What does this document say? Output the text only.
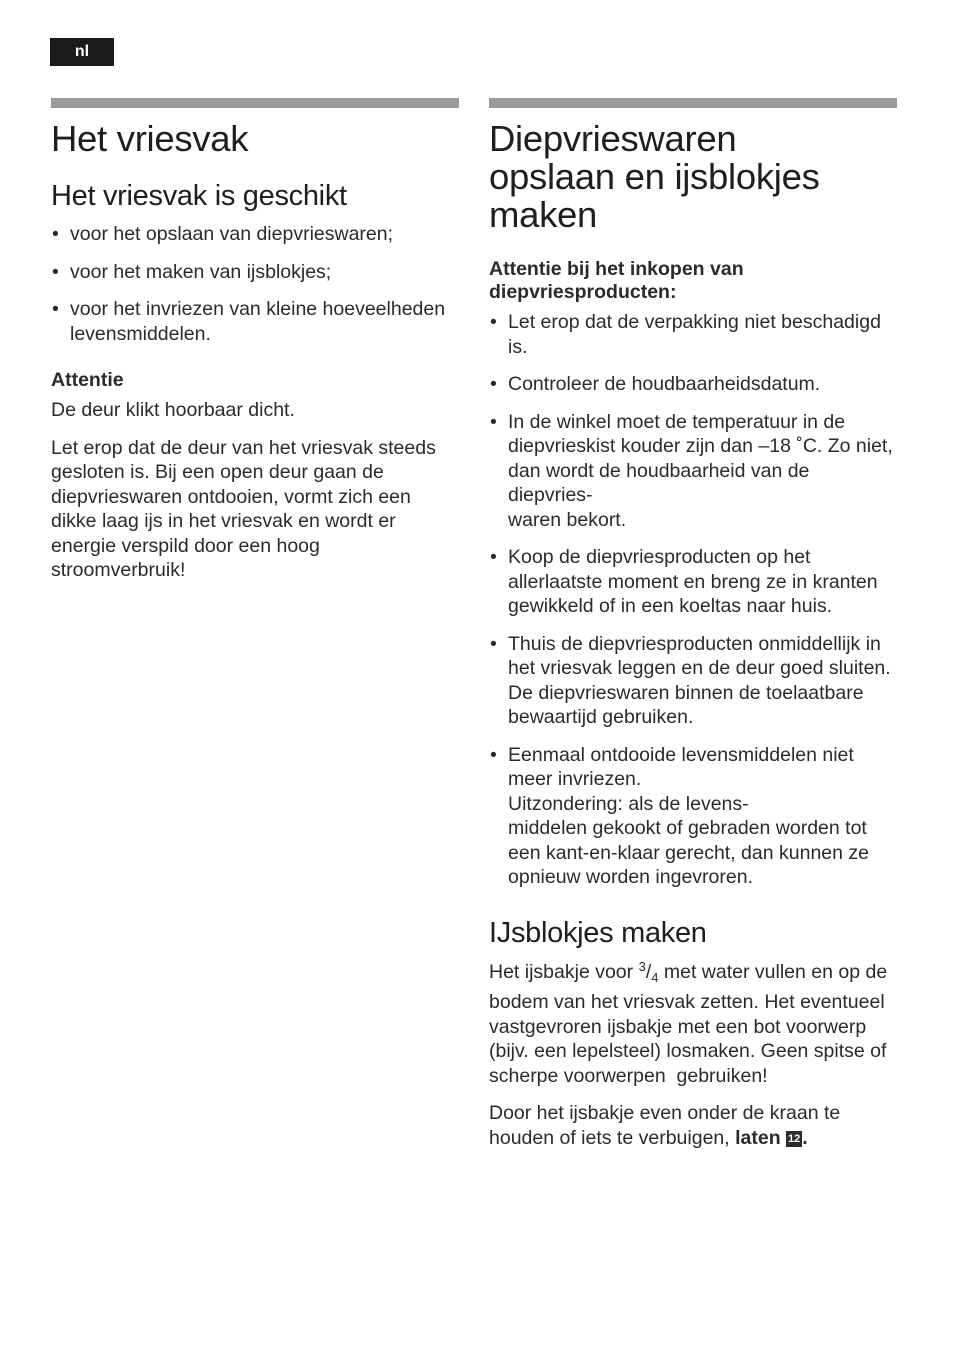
nl
Het vriesvak
Het vriesvak is geschikt
• voor het opslaan van diepvrieswaren;
• voor het maken van ijsblokjes;
• voor het invriezen van kleine hoeveelheden   levensmiddelen.

Attentie

De deur klikt hoorbaar dicht.

Let erop dat de deur van het vriesvak steeds gesloten is. Bij een open deur gaan de diepvrieswaren ontdooien, vormt zich een dikke laag ijs in het vriesvak en wordt er energie verspild door een hoog stroomverbruik!

Diepvrieswaren
opslaan en ijsblokjes
maken

Attentie bij het inkopen van diepvriesproducten:

• Let erop dat de verpakking niet beschadigd is.
• Controleer de houdbaarheidsdatum.
• In de winkel moet de temperatuur in de diepvrieskist kouder zijn dan –18 ˚C. Zo niet, dan wordt de houdbaarheid van de diepvries-
waren bekort.
• Koop de diepvriesproducten op het allerlaatste moment en breng ze in kranten gewikkeld of in een koeltas naar huis.
• Thuis de diepvriesproducten onmiddellijk in het vriesvak leggen en de deur goed sluiten.
De diepvrieswaren binnen de toelaatbare bewaartijd gebruiken.
• Eenmaal ontdooide levensmiddelen niet meer invriezen.
Uitzondering: als de levens-
middelen gekookt of gebraden worden tot een kant-en-klaar gerecht, dan kunnen ze opnieuw worden ingevroren.
IJsblokjes maken

Het ijsbakje voor $^3/_4$ met water vullen en op de bodem van het vriesvak zetten. Het eventueel vastgevroren ijsbakje met een bot voorwerp (bijv. een lepelsteel) losmaken. Geen spitse of scherpe voorwerpen  gebruiken!

Door het ijsbakje even onder de kraan te houden of iets te verbuigen, laten 12 .
